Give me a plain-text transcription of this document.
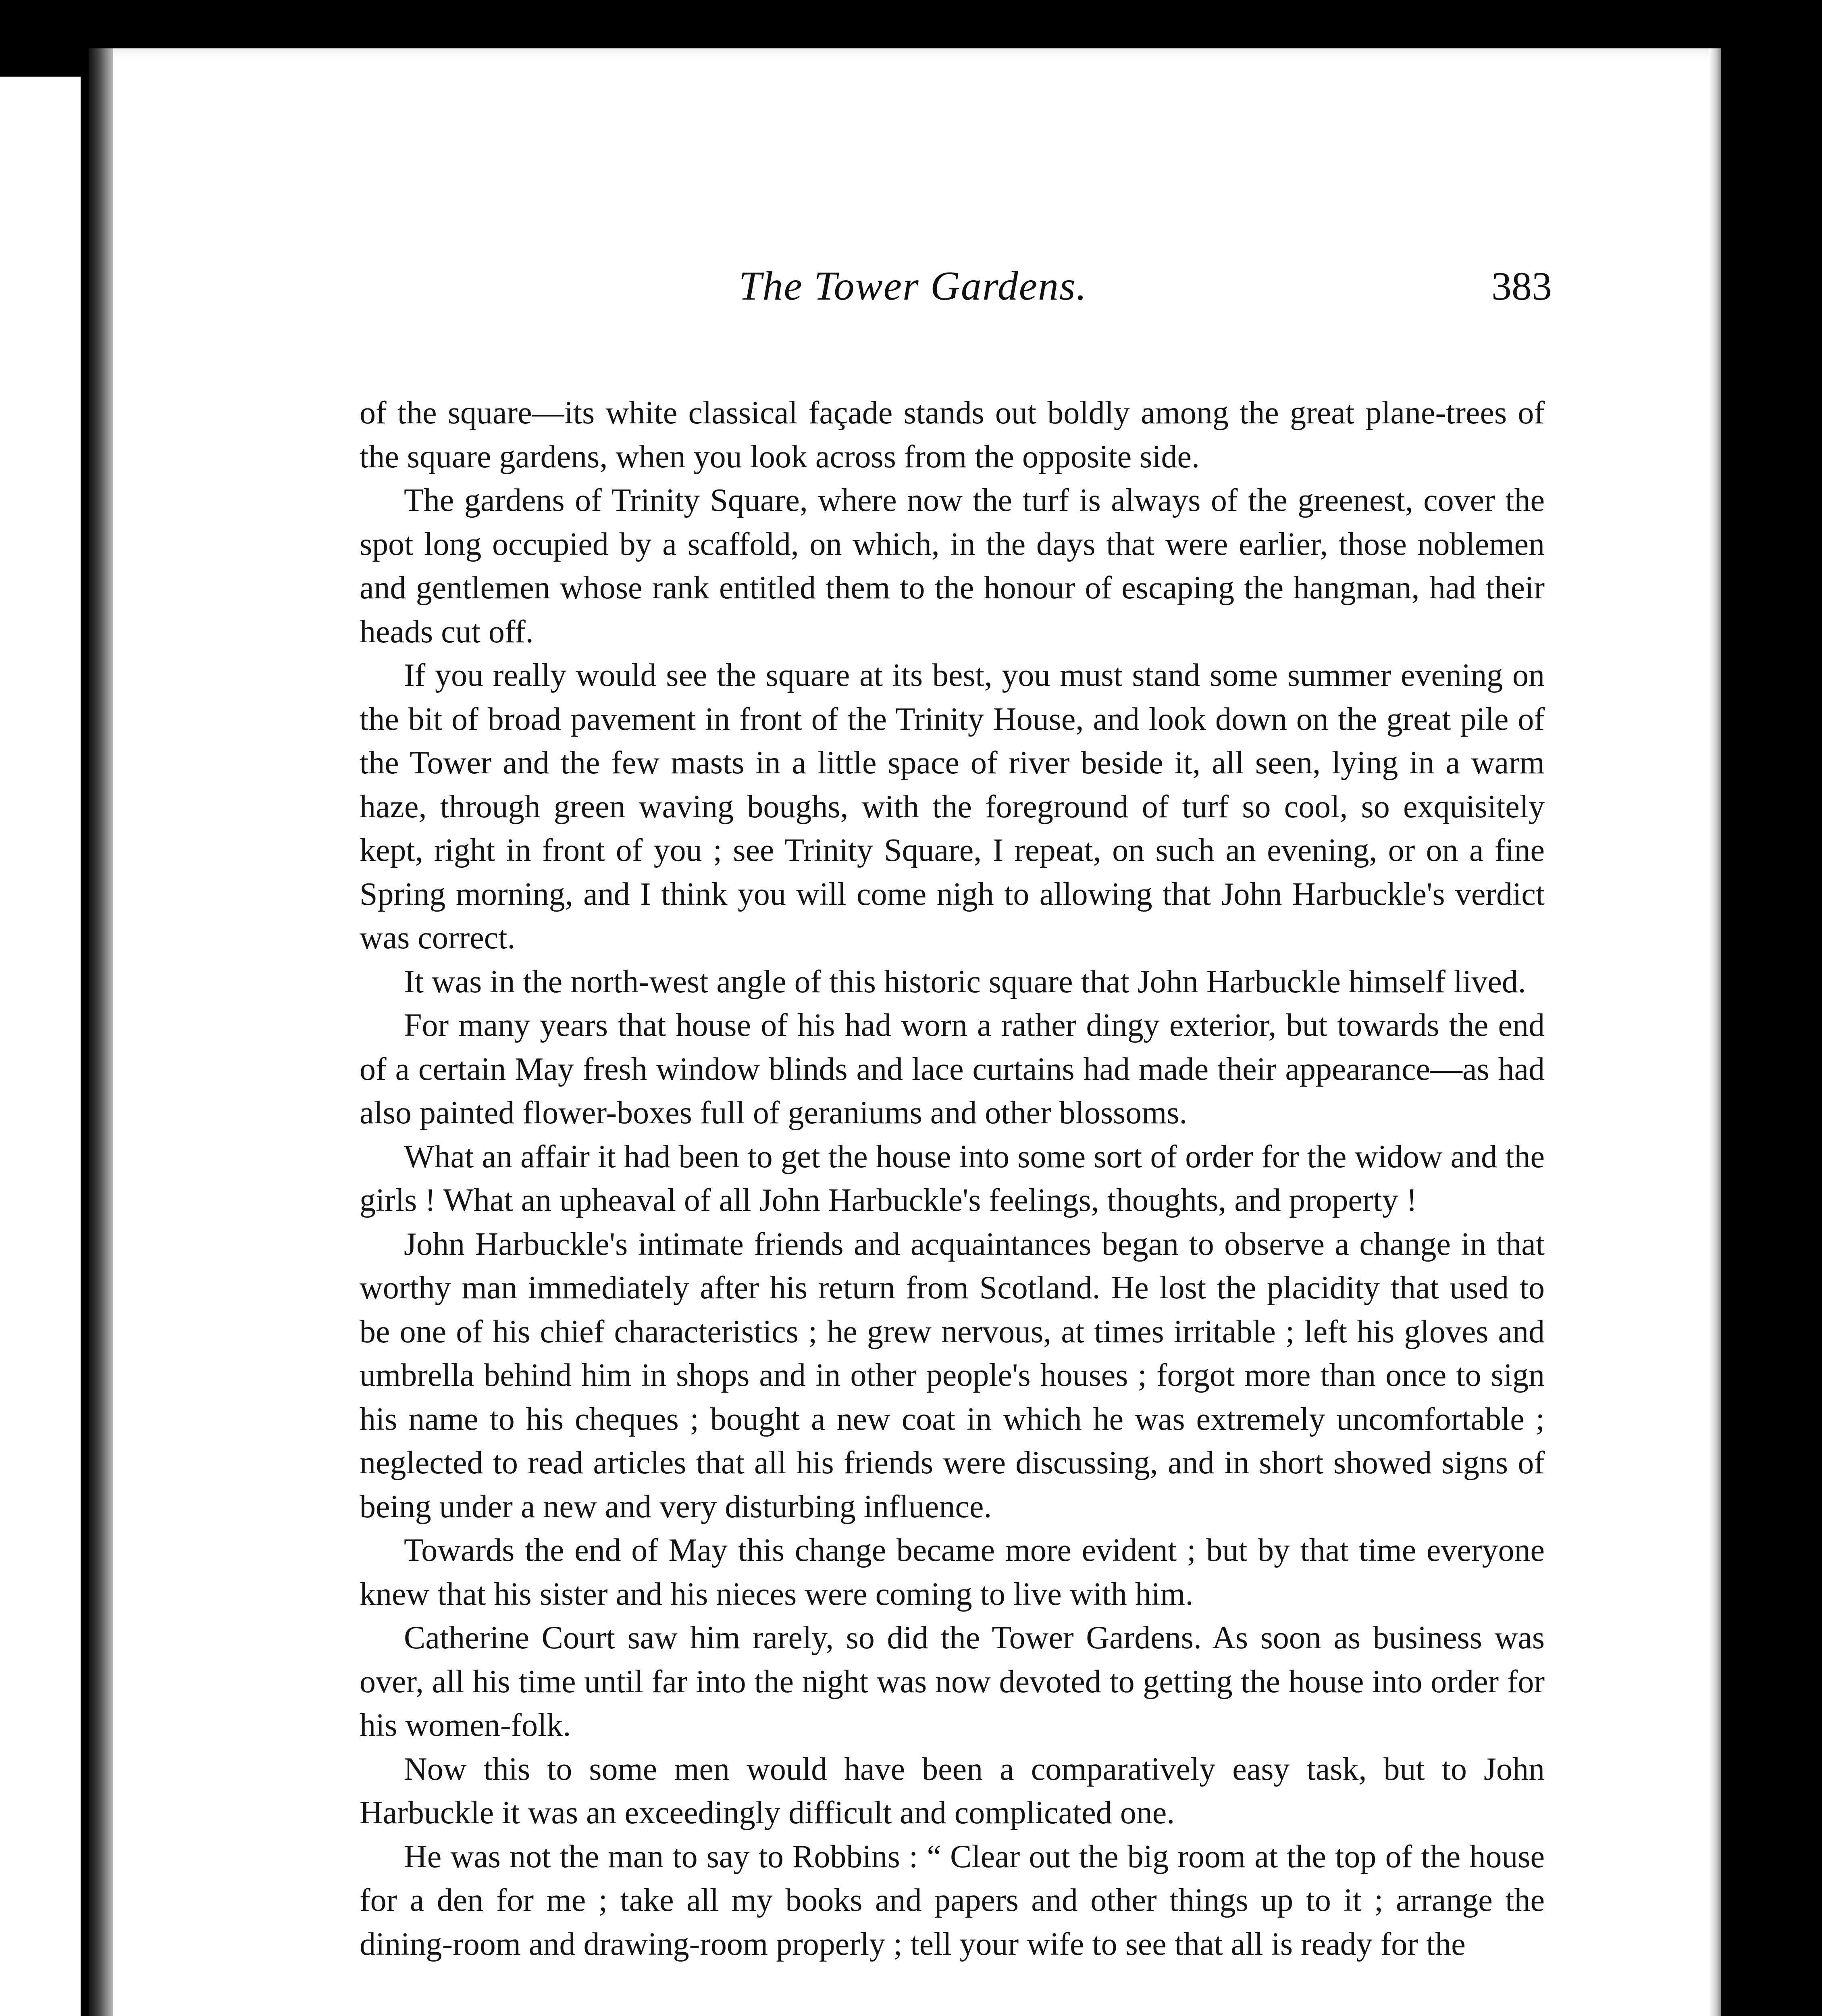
The Tower Gardens.	383

of the square—its white classical façade stands out boldly among the great plane-trees of the square gardens, when you look across from the opposite side.

The gardens of Trinity Square, where now the turf is always of the greenest, cover the spot long occupied by a scaffold, on which, in the days that were earlier, those noblemen and gentlemen whose rank entitled them to the honour of escaping the hangman, had their heads cut off.

If you really would see the square at its best, you must stand some summer evening on the bit of broad pavement in front of the Trinity House, and look down on the great pile of the Tower and the few masts in a little space of river beside it, all seen, lying in a warm haze, through green waving boughs, with the foreground of turf so cool, so exquisitely kept, right in front of you ; see Trinity Square, I repeat, on such an evening, or on a fine Spring morning, and I think you will come nigh to allowing that John Harbuckle's verdict was correct.

It was in the north-west angle of this historic square that John Harbuckle himself lived.

For many years that house of his had worn a rather dingy exterior, but towards the end of a certain May fresh window blinds and lace curtains had made their appearance—as had also painted flower-boxes full of geraniums and other blossoms.

What an affair it had been to get the house into some sort of order for the widow and the girls ! What an upheaval of all John Harbuckle's feelings, thoughts, and property !

John Harbuckle's intimate friends and acquaintances began to observe a change in that worthy man immediately after his return from Scotland. He lost the placidity that used to be one of his chief characteristics ; he grew nervous, at times irritable ; left his gloves and umbrella behind him in shops and in other people's houses ; forgot more than once to sign his name to his cheques ; bought a new coat in which he was extremely uncomfortable ; neglected to read articles that all his friends were discussing, and in short showed signs of being under a new and very disturbing influence.

Towards the end of May this change became more evident ; but by that time everyone knew that his sister and his nieces were coming to live with him.

Catherine Court saw him rarely, so did the Tower Gardens. As soon as business was over, all his time until far into the night was now devoted to getting the house into order for his women-folk.

Now this to some men would have been a comparatively easy task, but to John Harbuckle it was an exceedingly difficult and complicated one.

He was not the man to say to Robbins : “ Clear out the big room at the top of the house for a den for me ; take all my books and papers and other things up to it ; arrange the dining-room and drawing-room properly ; tell your wife to see that all is ready for the
